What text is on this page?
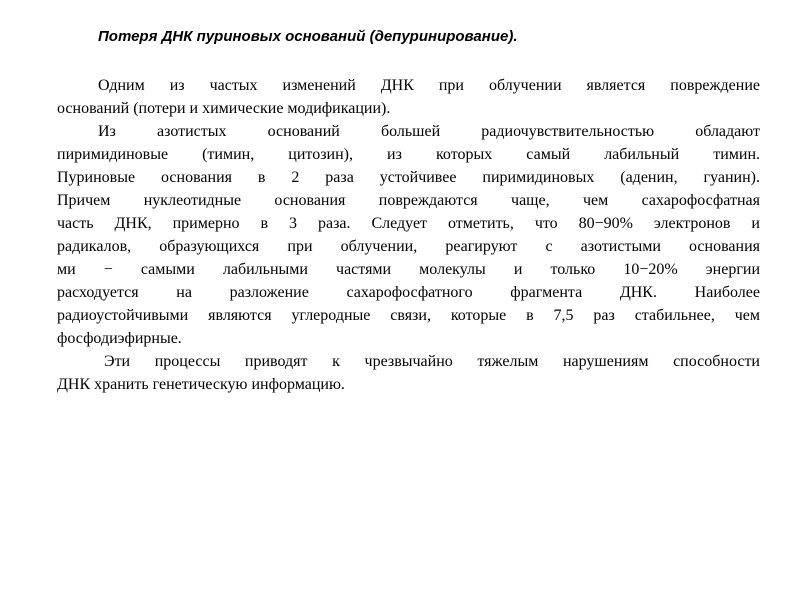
Потеря ДНК пуриновых оснований (депуринирование).
Одним из частых изменений ДНК при облучении является повреждение
оснований (потери и химические модификации).
Из азотистых оснований большей радиочувствительностью обладают
пиримидиновые (тимин, цитозин), из которых самый лабильный тимин.
Пуриновые основания в 2 раза устойчивее пиримидиновых (аденин, гуанин).
Причем нуклеотидные основания повреждаются чаще, чем сахарофосфатная
часть ДНК, примерно в 3 раза. Следует отметить, что 80−90% электронов и
радикалов, образующихся при облучении, реагируют с азотистыми основания
ми − самыми лабильными частями молекулы и только 10−20% энергии
расходуется на разложение сахарофосфатного фрагмента ДНК. Наиболее
радиоустойчивыми являются углеродные связи, которые в 7,5 раз стабильнее, чем
фосфодиэфирные.
Эти процессы приводят к чрезвычайно тяжелым нарушениям способности
ДНК хранить генетическую информацию.
